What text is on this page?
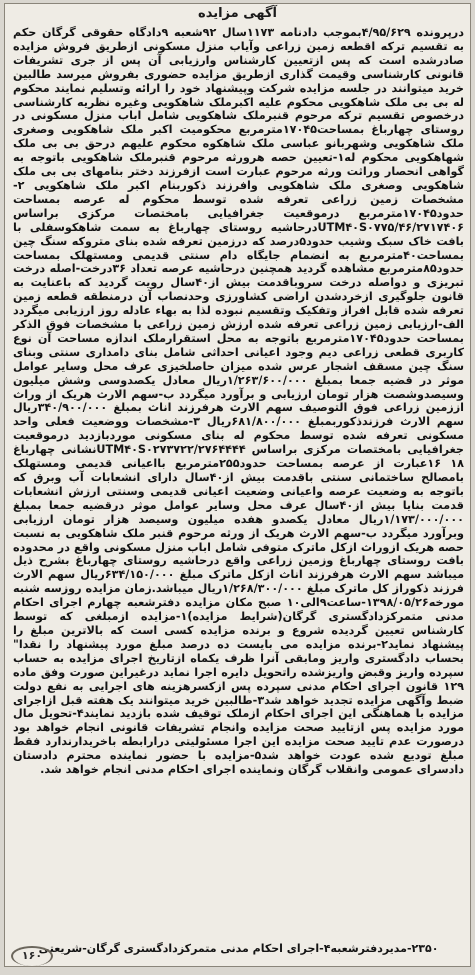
آگهی مزایده
درپرونده ۴/۹۵/۶۲۹بموجب دادنامه ۱۱۷۳سال ۹۲شعبه ۹دادگاه حقوقی گرگان حکم به تقسیم ترکه اقطعه زمین زراعی وآیاب منزل مسکونی ازطریق فروش مزایده صادرشده است که پس ازتعیین کارشناس وارزیابی آن پس از جری تشریفات قانونی کارشناسی وقیمت گذاری ازطریق مزایده حضوری بفروش میرسد طالبین خرید میتوانند در جلسه مزایده شرکت وپیشنهاد خود را ارائه وتسلیم نمایند محکوم له بی بی ملک شاهکویی محکوم علیه اکبرملک شاهکویی وغیره نظریه کارشناسی درخصوص تقسیم ترکه مرحوم قنبرملک شاهکویی شامل اباب منزل مسکونی در روستای چهارباغ بمساحت۱۷۰۴۵مترمربع محکومیت اکبر ملک شاهکویی وصغری ملک شاهکویی وشهربانو عباسی ملک شاهکوه محکوم علیهم درحق بی بی ملک شهاهکویی محکوم له۱-تعیین حصه هرورثه مرحوم قنبرملک شاهکویی باتوجه به گواهی انحصار وراثت ورثه مرحوم عبارت است ازفرزند دختر بنامهای بی بی ملک شاهکویی وصغری ملک شاهکویی وافرزند ذکوربنام اکبر ملک شاهکویی ۲-مشخصات زمین زراعی تعرفه شده توسط محکوم له عرصه بمساحت حدود۱۷۰۴۵مترمربع درموقعیت جغرافیایی بامختصات مرکزی براساس UTM۴۰S۰۷۷۵/۴۶/۲۷۱۷۴۰۶درحاشیه روستای چهارباغ به سمت شاهکوسفلی با بافت خاک سبک وشیب حدود۵درصد که درزمین تعرفه شده بنای متروکه سنگ چین بمساحت۴۰مترمربع به انضمام جایگاه دام سنتی قدیمی ومستهلک بمساحت حدود۸۵مترمربع مشاهده گردید همچنین درحاشیه عرصه تعداد ۳۶درخت-اصله درخت تبریزی و دواصله درخت سروباقدمت بیش از۴۰سال رویت گردید که باعنایت به قانون جلوگیری ازخردشدن اراضی کشاورزی وحدنصاب آن درمنطقه قطعه زمین تعرفه شده قابل افراز وتفکیک وتقسیم نبوده لذا به بهاء عادله روز ارزیابی میگردد الف-ارزیابی زمین زراعی تعرفه شده ارزش زمین زراعی با مشخصات فوق الذکر بمساحت حدود۱۷۰۴۵مترمربع باتوجه به محل استقرارملک اندازه مساحت آن نوع کاربری قطعی زراعی دیم وجود اعیانی احداثی شامل بنای دامداری سنتی وبنای سنگ چین مسقف اشجار عرس شده میزان حاصلخیزی عرف محل وسایر عوامل موثر در قضیه جمعا بمبلغ ۱/۲۶۳/۶۰۰/۰۰۰ریال معادل یکصدوسی وشش میلیون وسیصدوشصت هزار تومان ارزیابی و برآورد میگردد ب-سهم الارث هریک از وراث اززمین زراعی فوق التوصیف سهم الارث هرفرزند اناث بمبلغ ۳۴۰/۹۰۰/۰۰۰ریال سهم الارث فرزندذکوربمبلغ ۶۸۱/۸۰۰/۰۰۰ریال ۳-مشخصات ووضعیت فعلی واحد مسکونی تعرفه شده توسط محکوم له بنای مسکونی موردبازدید درموقعیت جغرافیایی بامختصات مرکزی براساس UTM۴۰S۰۲۷۳۷۲۲/۲۷۶۴۴۴۴نشانی چهارباغ ۱۸ ۱۶عبارت از عرصه بمساحت حدود۲۵۵مترمربع بااعیانی قدیمی ومستهلک بامصالح ساختمانی سنتی باقدمت بیش از۴۰سال دارای انشعابات آب وبرق که باتوجه به وضعیت عرصه واعیانی وضعیت اعیانی قدیمی وسنتی ارزش انشعابات قدمت بنایا بیش از۴۰سال عرف محل وسایر عوامل موثر درقضیه جمعا بمبلغ ۱/۱۷۳/۰۰۰/۰۰۰ریال معادل یکصدو هفده میلیون وسیصد هزار تومان ارزیابی وبرآورد میگردد ب-سهم الارث هریک از ورثه مرحوم قنبر ملک شاهکویی به نسبت حصه هریک ازوراث ازکل ماترک متوفی شامل اباب منزل مسکونی واقع در محدوده بافت روستای چهارباغ وزمین زراعی واقع درحاشیه روستای چهارباغ بشرح ذیل میباشد سهم الارث هرفرزند اناث ازکل ماترک مبلغ ۶۳۴/۱۵۰/۰۰۰ریال سهم الارث فرزند ذکوراز کل ماترک مبلغ ۱/۲۶۸/۳۰۰/۰۰۰ریال میباشد.زمان مزایده روزسه شنبه مورخه۱۳۹۸/۰۵/۲۶-ساعت۹الی۱۰ صبح مکان مزایده دفترشعبه چهارم اجرای احکام مدنی متمرکزدادگستری گرگان(شرایط مزایده)۱-مزایده ازمبلغی که توسط کارشناس تعیین گردیده شروع و برنده مزایده کسی است که بالاترین مبلغ را پیشنهاد نماید۲-برنده مزایده می بایست ده درصد مبلغ مورد پیشنهاد را نقدا" بحساب دادگستری واریز ومابقی آنرا ظرف یکماه ازتاریخ اجرای مزایده به حساب سپرده واریز وقبض واریزشده راتحویل دایره اجرا نماید درغیراین صورت وفق ماده ۱۲۹ قانون اجرای احکام مدنی سپرده پس ازکسرهزینه های اجرایی به نفع دولت ضبط وآگهی مزایده تجدید خواهد شد۳-طالبین خرید میتوانند یک هفته قبل ازاجرای مزایده با هماهنگی این اجرای احکام ازملک توقیف شده بازدید نمایند۴-تحویل مال مورد مزایده پس ازتایید صحت مزایده وانجام تشریفات قانونی انجام خواهد بود درصورت عدم تایید صحت مزایده این اجرا مسئولیتی درارابطه باخریدارندارد فقط مبلغ تودیع شده عودت خواهد شد۵-مزایده با حضور نماینده محترم دادستان دادسرای عمومی وانقلاب گرگان ونماینده اجرای احکام مدنی انجام خواهد شد.
۲۳۵۰-مدیردفترشعبه۴-اجرای احکام مدنی متمرکزدادگستری گرگان-شریعتی
۱۶۰
